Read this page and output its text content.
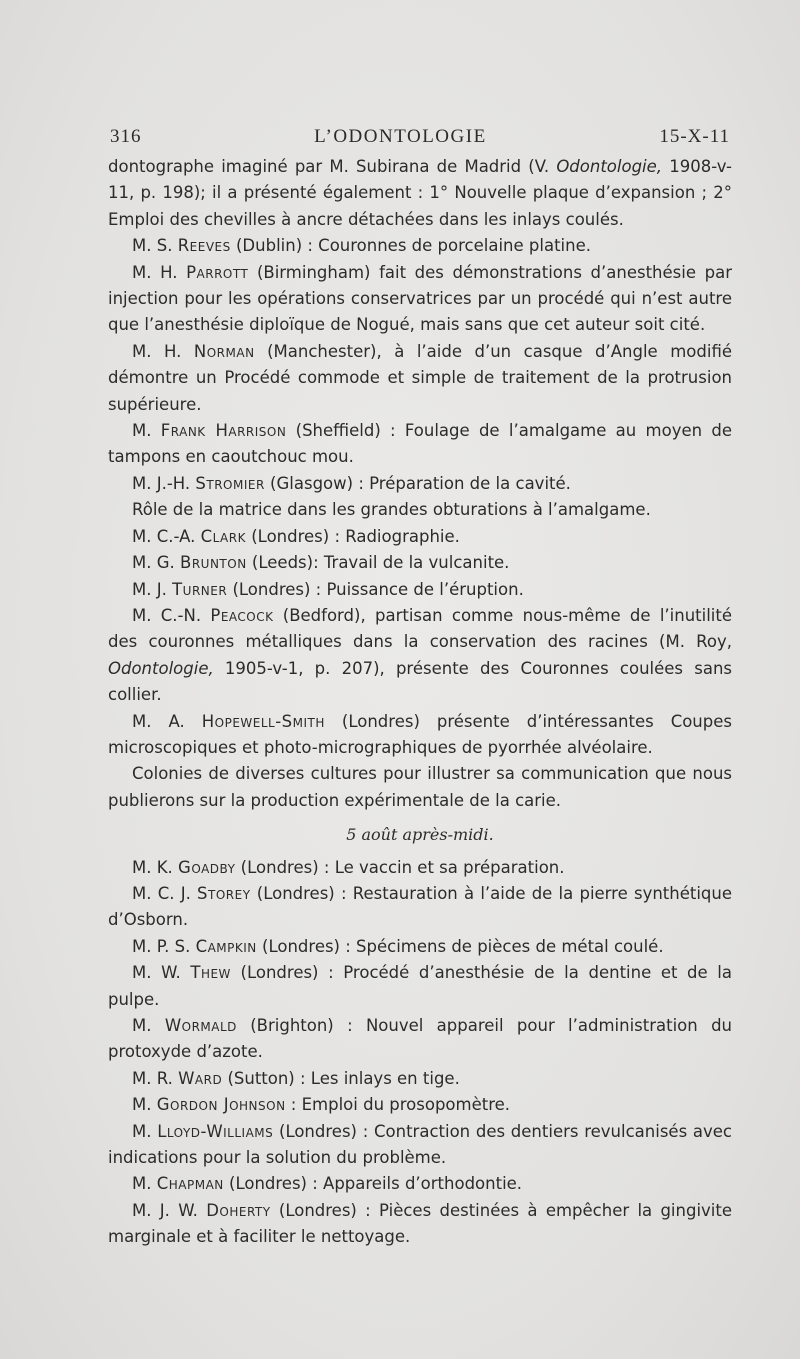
316	L’ODONTOLOGIE	15-X-11

dontographe imaginé par M. Subirana de Madrid (V. Odontologie, 1908-v-11, p. 198); il a présenté également : 1° Nouvelle plaque d’expansion ; 2° Emploi des chevilles à ancre détachées dans les inlays coulés.

M. S. Reeves (Dublin) : Couronnes de porcelaine platine.

M. H. Parrott (Birmingham) fait des démonstrations d’anesthésie par injection pour les opérations conservatrices par un procédé qui n’est autre que l’anesthésie diploïque de Nogué, mais sans que cet auteur soit cité.

M. H. Norman (Manchester), à l’aide d’un casque d’Angle modifié démontre un Procédé commode et simple de traitement de la protrusion supérieure.

M. Frank Harrison (Sheffield) : Foulage de l’amalgame au moyen de tampons en caoutchouc mou.

M. J.-H. Stromier (Glasgow) : Préparation de la cavité.

Rôle de la matrice dans les grandes obturations à l’amalgame.

M. C.-A. Clark (Londres) : Radiographie.

M. G. Brunton (Leeds): Travail de la vulcanite.

M. J. Turner (Londres) : Puissance de l’éruption.

M. C.-N. Peacock (Bedford), partisan comme nous-même de l’inutilité des couronnes métalliques dans la conservation des racines (M. Roy, Odontologie, 1905-v-1, p. 207), présente des Couronnes coulées sans collier.

M. A. Hopewell-Smith (Londres) présente d’intéressantes Coupes microscopiques et photo-micrographiques de pyorrhée alvéolaire.

Colonies de diverses cultures pour illustrer sa communication que nous publierons sur la production expérimentale de la carie.

5 août après-midi.

M. K. Goadby (Londres) : Le vaccin et sa préparation.

M. C. J. Storey (Londres) : Restauration à l’aide de la pierre synthétique d’Osborn.

M. P. S. Campkin (Londres) : Spécimens de pièces de métal coulé.

M. W. Thew (Londres) : Procédé d’anesthésie de la dentine et de la pulpe.

M. Wormald (Brighton) : Nouvel appareil pour l’administration du protoxyde d’azote.

M. R. Ward (Sutton) : Les inlays en tige.

M. Gordon Johnson : Emploi du prosopomètre.

M. Lloyd-Williams (Londres) : Contraction des dentiers revulcanisés avec indications pour la solution du problème.

M. Chapman (Londres) : Appareils d’orthodontie.

M. J. W. Doherty (Londres) : Pièces destinées à empêcher la gingivite marginale et à faciliter le nettoyage.
